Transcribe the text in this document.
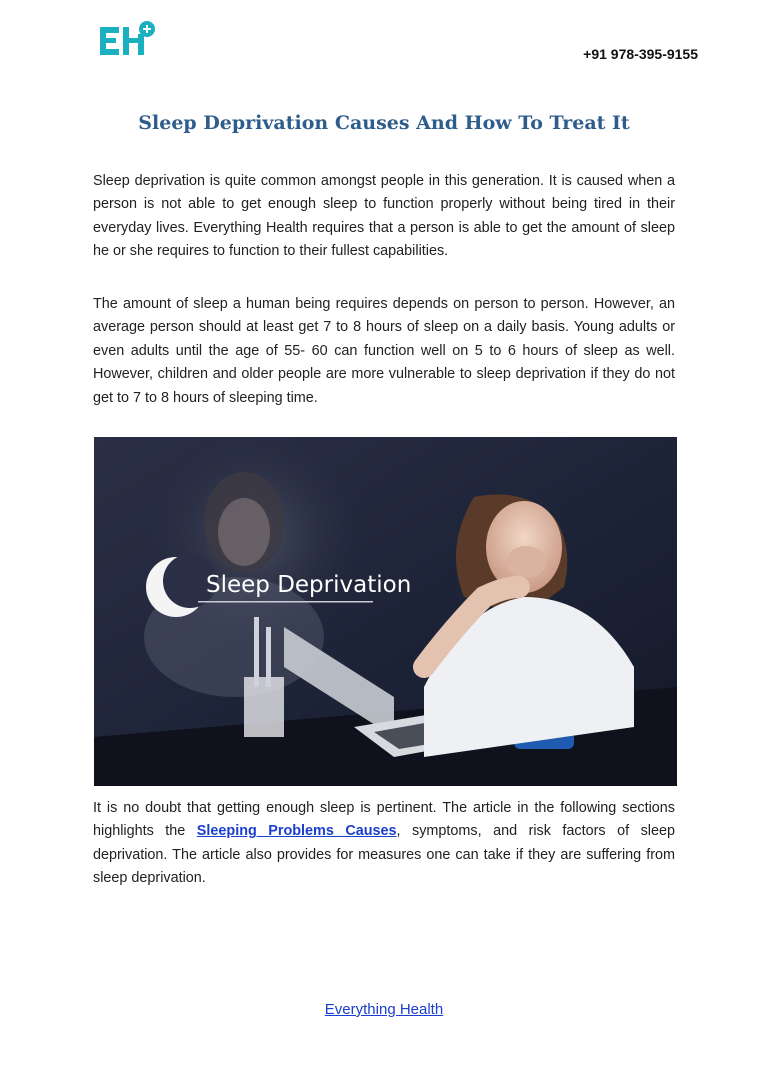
+91 978-395-9155
Sleep Deprivation Causes And How To Treat It

Sleep deprivation is quite common amongst people in this generation. It is caused when a person is not able to get enough sleep to function properly without being tired in their everyday lives. Everything Health requires that a person is able to get the amount of sleep he or she requires to function to their fullest capabilities.

The amount of sleep a human being requires depends on person to person. However, an average person should at least get 7 to 8 hours of sleep on a daily basis. Young adults or even adults until the age of 55- 60 can function well on 5 to 6 hours of sleep as well. However, children and older people are more vulnerable to sleep deprivation if they do not get to 7 to 8 hours of sleeping time.

Sleep Deprivation

It is no doubt that getting enough sleep is pertinent. The article in the following sections highlights the Sleeping Problems Causes, symptoms, and risk factors of sleep deprivation. The article also provides for measures one can take if they are suffering from sleep deprivation.

Everything Health
